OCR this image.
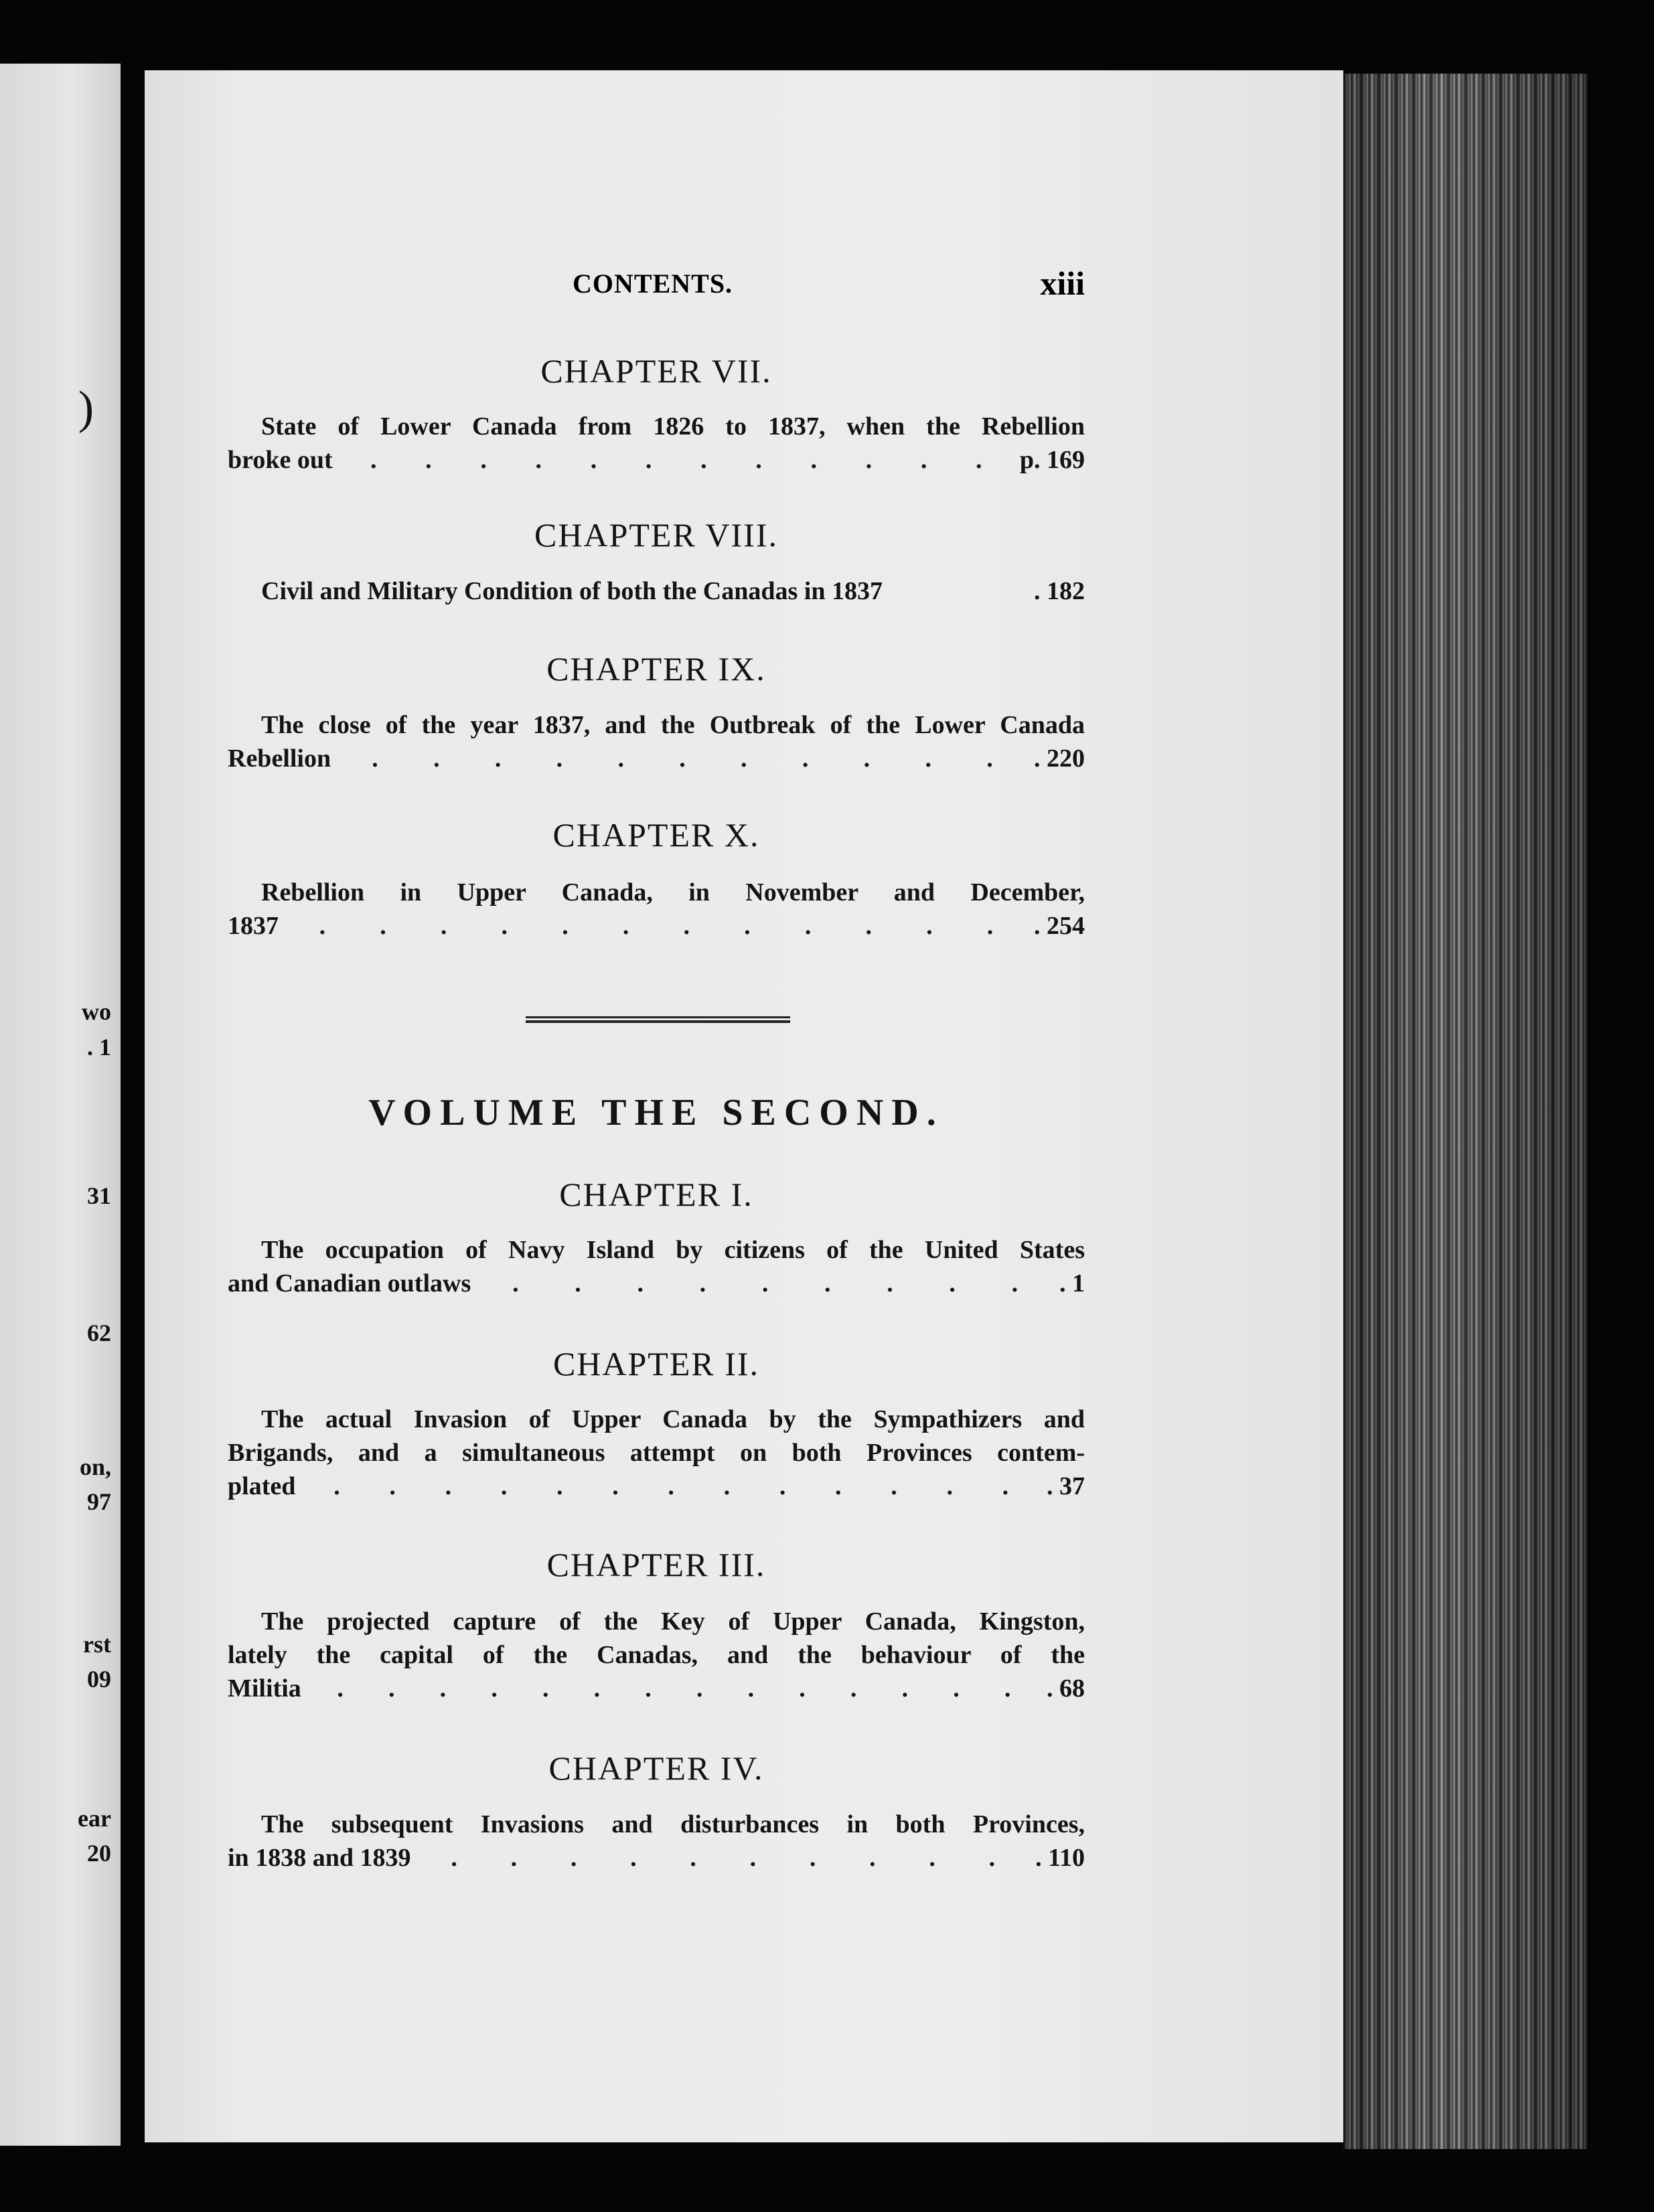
)
wo
. 1
31
62
on,
97
rst
09
ear
20
CONTENTS.	xiii
CHAPTER VII.
State of Lower Canada from 1826 to 1837, when the Rebellion
broke out . . . . . . . . . . . . p. 169
CHAPTER VIII.
Civil and Military Condition of both the Canadas in 1837	. 182
CHAPTER IX.
The close of the year 1837, and the Outbreak of the Lower Canada
Rebellion . . . . . . . . . . . . 220
CHAPTER X.
Rebellion in Upper Canada, in November and December,
1837 . . . . . . . . . . . . . 254
VOLUME THE SECOND.
CHAPTER I.
The occupation of Navy Island by citizens of the United States
and Canadian outlaws . . . . . . . . . . 1
CHAPTER II.
The actual Invasion of Upper Canada by the Sympathizers and
Brigands, and a simultaneous attempt on both Provinces contem-
plated . . . . . . . . . . . . . . 37
CHAPTER III.
The projected capture of the Key of Upper Canada, Kingston,
lately the capital of the Canadas, and the behaviour of the
Militia . . . . . . . . . . . . . . . 68
CHAPTER IV.
The subsequent Invasions and disturbances in both Provinces,
in 1838 and 1839 . . . . . . . . . . . 110
